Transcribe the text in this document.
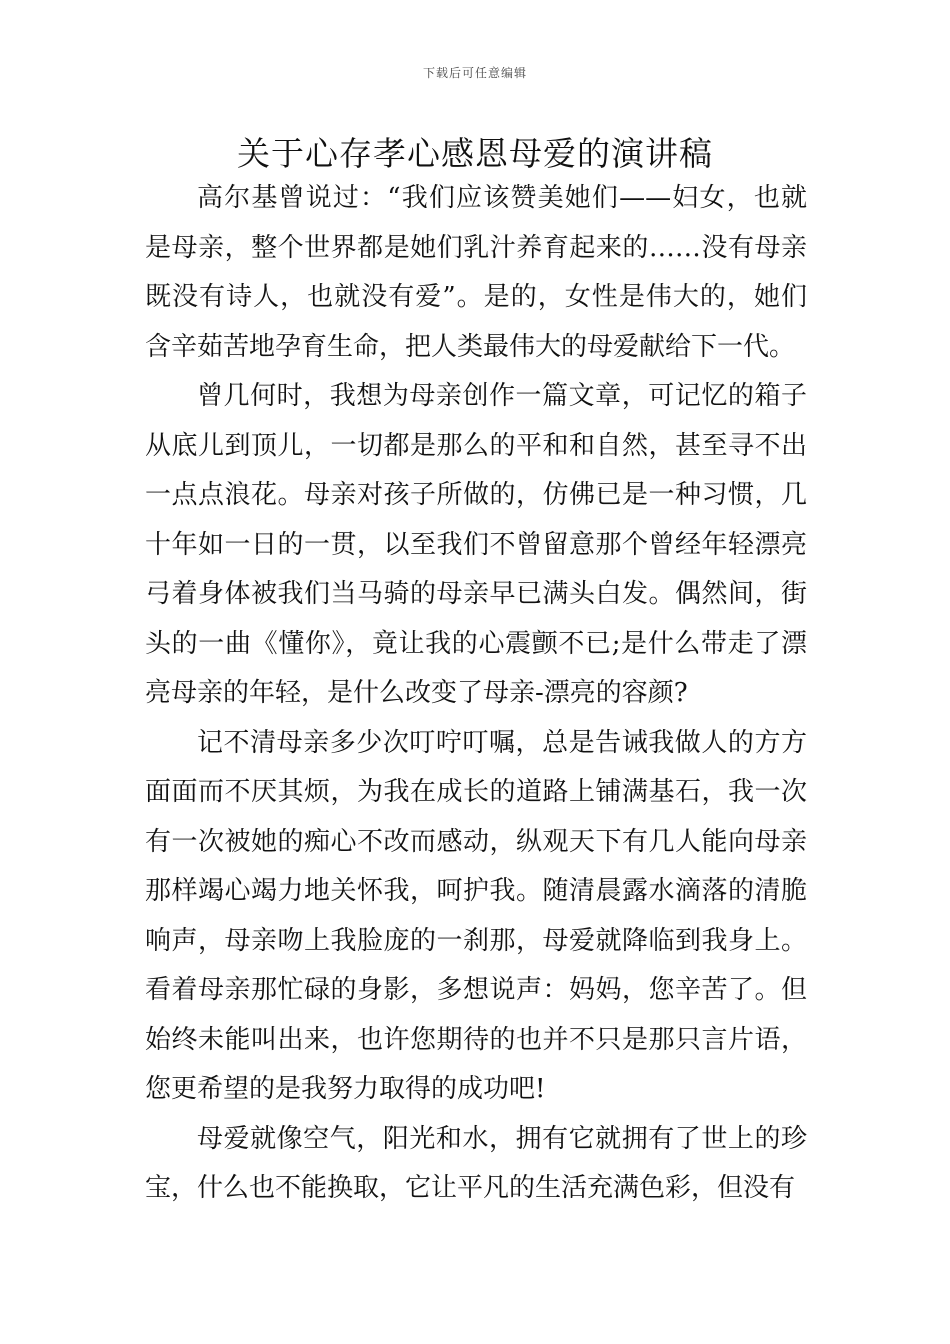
下载后可任意编辑
关于心存孝心感恩母爱的演讲稿

高尔基曾说过：“我们应该赞美她们——妇女，也就是母亲，整个世界都是她们乳汁养育起来的……没有母亲既没有诗人，也就没有爱”。是的，女性是伟大的，她们含辛茹苦地孕育生命，把人类最伟大的母爱献给下一代。

曾几何时，我想为母亲创作一篇文章，可记忆的箱子从底儿到顶儿，一切都是那么的平和和自然，甚至寻不出一点点浪花。母亲对孩子所做的，仿佛已是一种习惯，几十年如一日的一贯，以至我们不曾留意那个曾经年轻漂亮弓着身体被我们当马骑的母亲早已满头白发。偶然间，街头的一曲《懂你》，竟让我的心震颤不已;是什么带走了漂亮母亲的年轻，是什么改变了母亲-漂亮的容颜?

记不清母亲多少次叮咛叮嘱，总是告诫我做人的方方面面而不厌其烦，为我在成长的道路上铺满基石，我一次有一次被她的痴心不改而感动，纵观天下有几人能向母亲那样竭心竭力地关怀我，呵护我。随清晨露水滴落的清脆响声，母亲吻上我脸庞的一刹那，母爱就降临到我身上。看着母亲那忙碌的身影，多想说声：妈妈，您辛苦了。但始终未能叫出来，也许您期待的也并不只是那只言片语，您更希望的是我努力取得的成功吧!

母爱就像空气，阳光和水，拥有它就拥有了世上的珍宝，什么也不能换取，它让平凡的生活充满色彩，但没有
